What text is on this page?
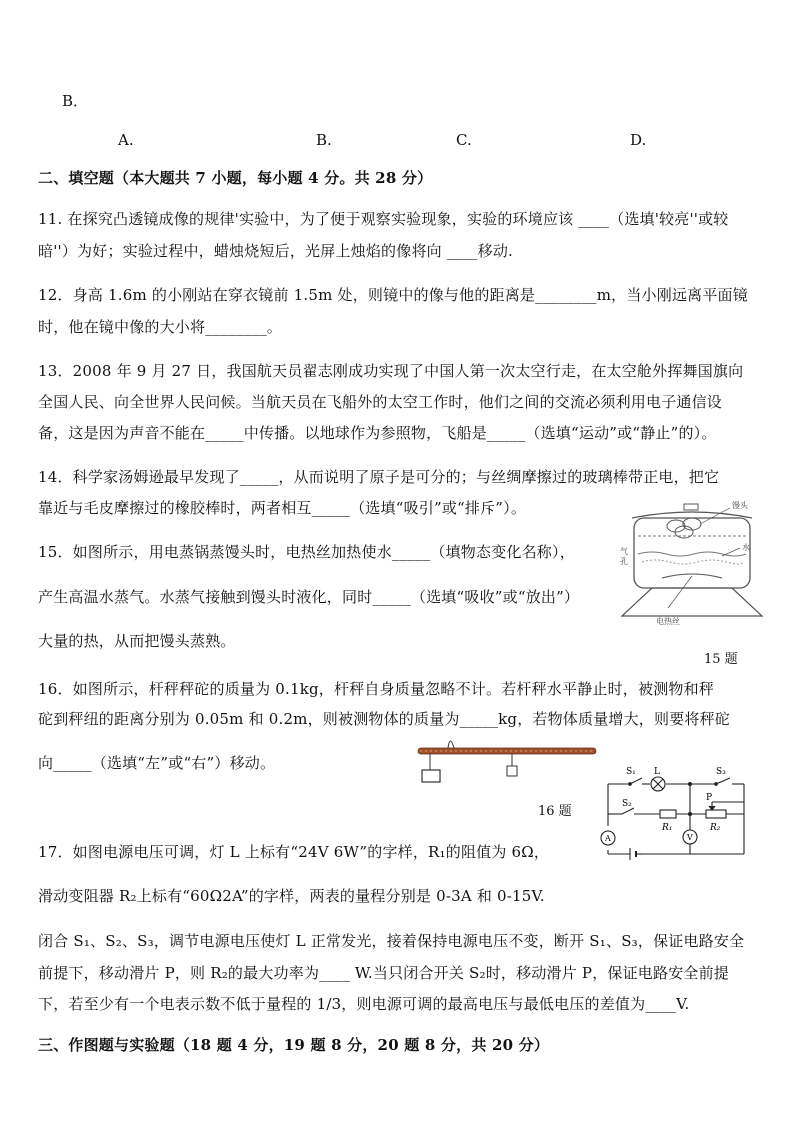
B．
A.	B.	C.	D.
二、填空题（本大题共 7 小题，每小题 4 分。共 28 分）
11. 在探究凸透镜成像的规律'实验中，为了便于观察实验现象，实验的环境应该 ____（选填'较亮''或较
暗''）为好；实验过程中，蜡烛烧短后，光屏上烛焰的像将向 ____移动.
12．身高 1.6m 的小刚站在穿衣镜前 1.5m 处，则镜中的像与他的距离是________m，当小刚远离平面镜
时，他在镜中像的大小将________。
13．2008 年 9 月 27 日，我国航天员翟志刚成功实现了中国人第一次太空行走，在太空舱外挥舞国旗向
全国人民、向全世界人民问候。当航天员在飞船外的太空工作时，他们之间的交流必须利用电子通信设
备，这是因为声音不能在_____中传播。以地球作为参照物，飞船是_____（选填“运动”或“静止”的）。
14．科学家汤姆逊最早发现了_____，从而说明了原子是可分的；与丝绸摩擦过的玻璃棒带正电，把它
靠近与毛皮摩擦过的橡胶棒时，两者相互_____（选填“吸引”或“排斥”）。
15．如图所示，用电蒸锅蒸馒头时，电热丝加热使水_____（填物态变化名称），
产生高温水蒸气。水蒸气接触到馒头时液化，同时_____（选填“吸收”或“放出”）
大量的热，从而把馒头蒸熟。
馒头
水
气
孔
电热丝
15 题
16．如图所示，杆秤秤砣的质量为 0.1kg，杆秤自身质量忽略不计。若杆秤水平静止时，被测物和秤
砣到秤纽的距离分别为 0.05m 和 0.2m，则被测物体的质量为_____kg，若物体质量增大，则要将秤砣
向_____（选填“左”或“右”）移动。
16 题
S₁ L	S₃
S₂
P
R₁	R₂
A	V
17．如图电源电压可调，灯 L 上标有“24V 6W”的字样，R₁的阻值为 6Ω，
滑动变阻器 R₂上标有“60Ω2A”的字样，两表的量程分别是 0-3A 和 0-15V.
闭合 S₁、S₂、S₃，调节电源电压使灯 L 正常发光，接着保持电源电压不变，断开 S₁、S₃，保证电路安全
前提下，移动滑片 P，则 R₂的最大功率为____ W.当只闭合开关 S₂时，移动滑片 P，保证电路安全前提
下，若至少有一个电表示数不低于量程的 1/3，则电源可调的最高电压与最低电压的差值为____V.
三、作图题与实验题（18 题 4 分，19 题 8 分，20 题 8 分，共 20 分）
